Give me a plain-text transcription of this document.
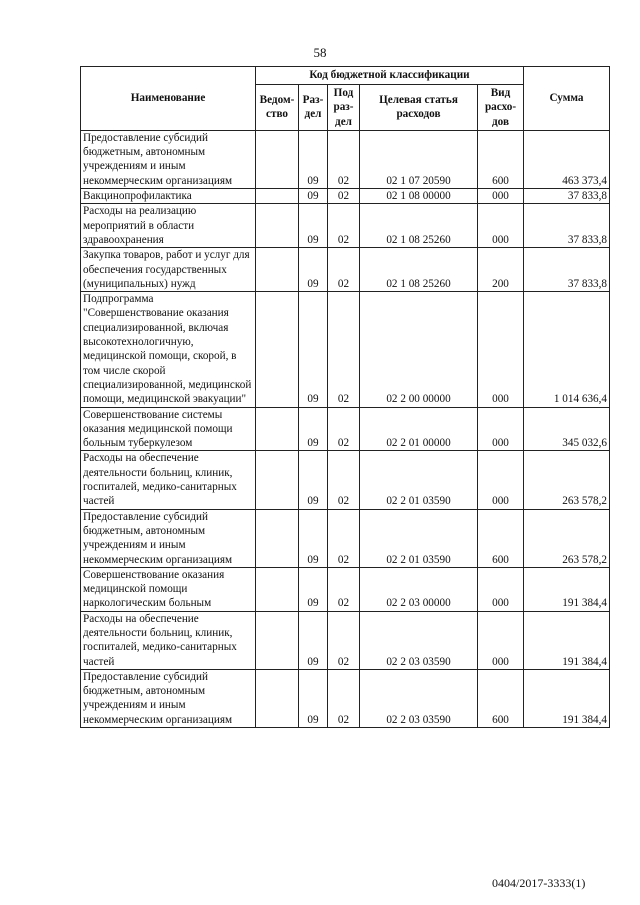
58
Наименование	Код бюджетной классификации					Сумма
	Ведом-ство	Раз-дел	Под раз-дел	Целевая статья расходов	Вид расхо-дов	
Предоставление субсидий бюджетным, автономным учреждениям и иным некоммерческим организациям		09	02	02 1 07 20590	600	463 373,4
Вакцинопрофилактика		09	02	02 1 08 00000	000	37 833,8
Расходы на реализацию мероприятий в области здравоохранения		09	02	02 1 08 25260	000	37 833,8
Закупка товаров, работ и услуг для обеспечения государственных (муниципальных) нужд		09	02	02 1 08 25260	200	37 833,8
Подпрограмма "Совершенствование оказания специализированной, включая высокотехнологичную, медицинской помощи, скорой, в том числе скорой специализированной, медицинской помощи, медицинской эвакуации"		09	02	02 2 00 00000	000	1 014 636,4
Совершенствование системы оказания медицинской помощи больным туберкулезом		09	02	02 2 01 00000	000	345 032,6
Расходы на обеспечение деятельности больниц, клиник, госпиталей, медико-санитарных частей		09	02	02 2 01 03590	000	263 578,2
Предоставление субсидий бюджетным, автономным учреждениям и иным некоммерческим организациям		09	02	02 2 01 03590	600	263 578,2
Совершенствование оказания медицинской помощи наркологическим больным		09	02	02 2 03 00000	000	191 384,4
Расходы на обеспечение деятельности больниц, клиник, госпиталей, медико-санитарных частей		09	02	02 2 03 03590	000	191 384,4
Предоставление субсидий бюджетным, автономным учреждениям и иным некоммерческим организациям		09	02	02 2 03 03590	600	191 384,4
0404/2017-3333(1)
